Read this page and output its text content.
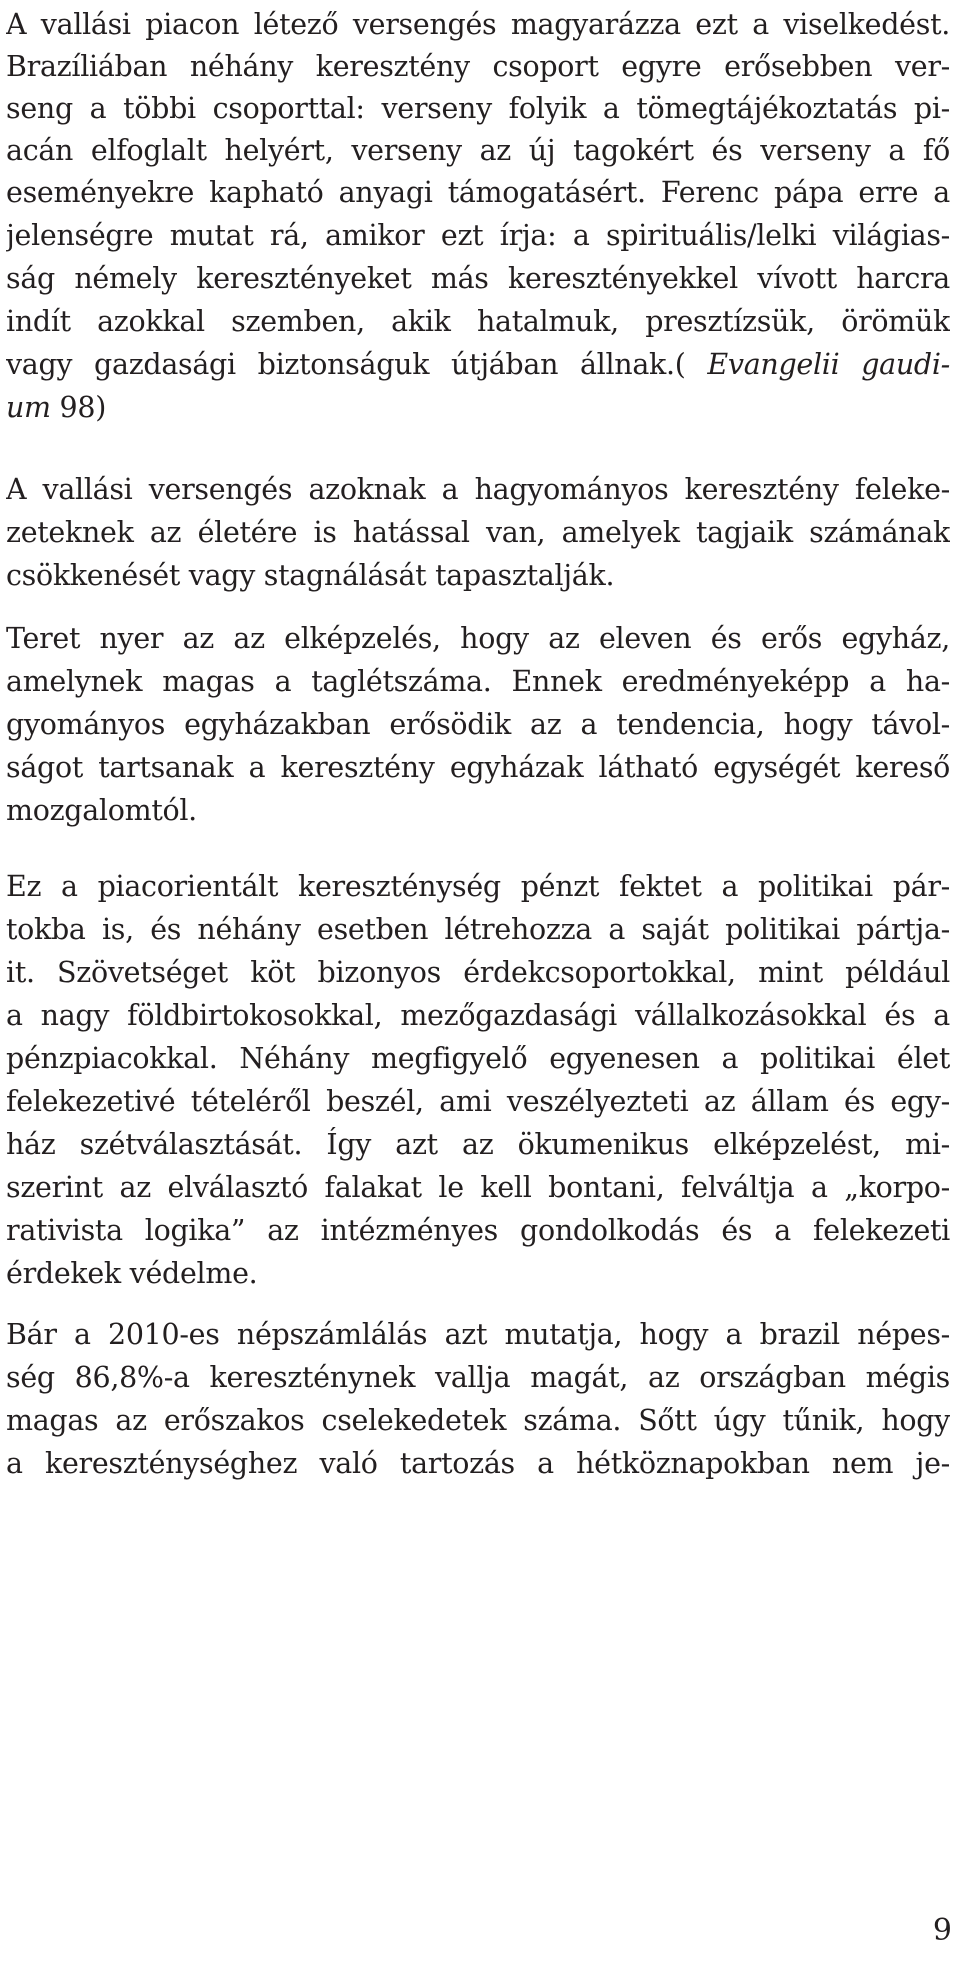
A vallási piacon létező versengés magyarázza ezt a viselkedést.
Brazíliában néhány keresztény csoport egyre erősebben ver-
seng a többi csoporttal: verseny folyik a tömegtájékoztatás pi-
acán elfoglalt helyért, verseny az új tagokért és verseny a fő
eseményekre kapható anyagi támogatásért. Ferenc pápa erre a
jelenségre mutat rá, amikor ezt írja: a spirituális/lelki világias-
ság némely keresztényeket más keresztényekkel vívott harcra
indít azokkal szemben, akik hatalmuk, presztízsük, örömük
vagy gazdasági biztonságuk útjában állnak.( Evangelii gaudi-
um 98)
A vallási versengés azoknak a hagyományos keresztény feleke-
zeteknek az életére is hatással van, amelyek tagjaik számának
csökkenését vagy stagnálását tapasztalják.
Teret nyer az az elképzelés, hogy az eleven és erős egyház,
amelynek magas a taglétszáma. Ennek eredményeképp a ha-
gyományos egyházakban erősödik az a tendencia, hogy távol-
ságot tartsanak a keresztény egyházak látható egységét kereső
mozgalomtól.
Ez a piacorientált kereszténység pénzt fektet a politikai pár-
tokba is, és néhány esetben létrehozza a saját politikai pártja-
it. Szövetséget köt bizonyos érdekcsoportokkal, mint például
a nagy földbirtokosokkal, mezőgazdasági vállalkozásokkal és a
pénzpiacokkal. Néhány megfigyelő egyenesen a politikai élet
felekezetivé tételéről beszél, ami veszélyezteti az állam és egy-
ház szétválasztását. Így azt az ökumenikus elképzelést, mi-
szerint az elválasztó falakat le kell bontani, felváltja a „korpo-
rativista logika” az intézményes gondolkodás és a felekezeti
érdekek védelme.
Bár a 2010-es népszámlálás azt mutatja, hogy a brazil népes-
ség 86,8%-a kereszténynek vallja magát, az országban mégis
magas az erőszakos cselekedetek száma. Sőtt úgy tűnik, hogy
a kereszténységhez való tartozás a hétköznapokban nem je-
9
